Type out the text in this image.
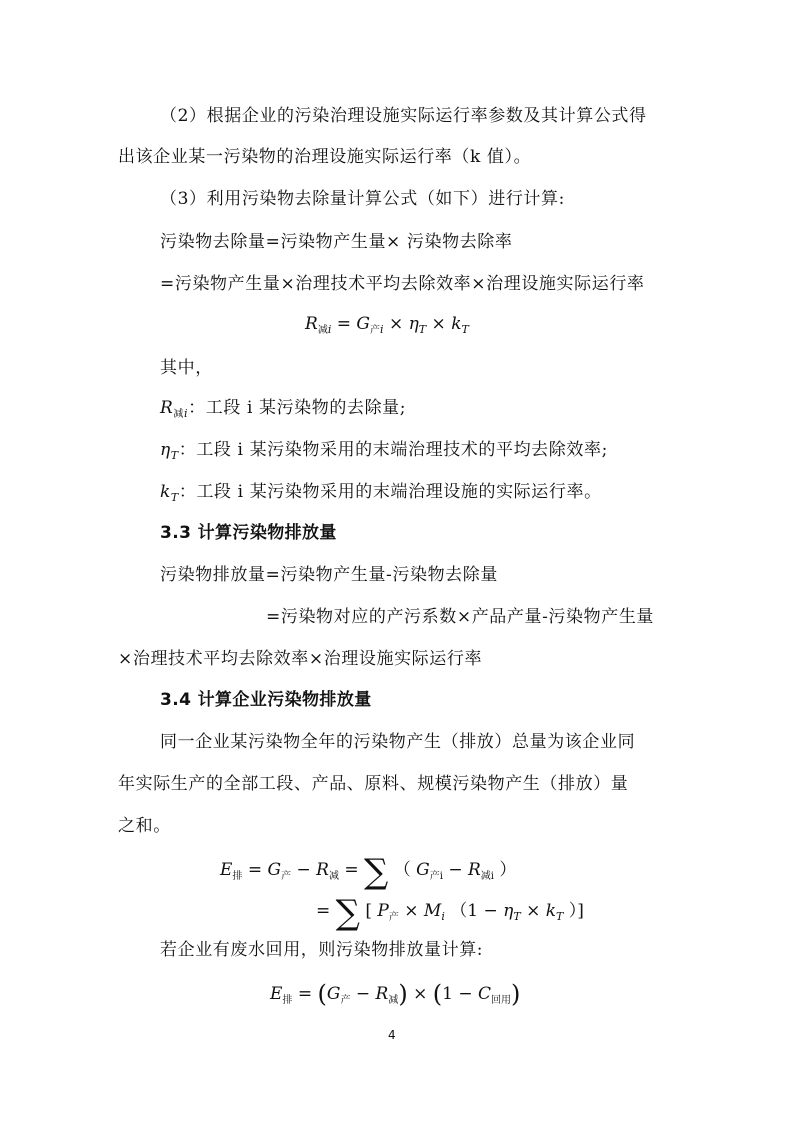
（2）根据企业的污染治理设施实际运行率参数及其计算公式得
出该企业某一污染物的治理设施实际运行率（k 值）。
（3）利用污染物去除量计算公式（如下）进行计算:
污染物去除量=污染物产生量× 污染物去除率
=污染物产生量×治理技术平均去除效率×治理设施实际运行率
$R_{减i} = G_{产i} \times \eta_T \times k_T$
其中，
$R_{减i}$：工段 i 某污染物的去除量;
$\eta_T$：工段 i 某污染物采用的末端治理技术的平均去除效率;
$k_T$：工段 i 某污染物采用的末端治理设施的实际运行率。
3.3 计算污染物排放量
污染物排放量=污染物产生量-污染物去除量
=污染物对应的产污系数×产品产量-污染物产生量
×治理技术平均去除效率×治理设施实际运行率
3.4 计算企业污染物排放量
同一企业某污染物全年的污染物产生（排放）总量为该企业同
年实际生产的全部工段、产品、原料、规模污染物产生（排放）量
之和。
$E_排 = G_产 - R_减$ = ∑ （ $G_{产i} - R_{减i}$ ）
= ∑ [ $P_产 \times M_i$ （$1 - \eta_T \times k_T$ ）]
若企业有废水回用，则污染物排放量计算:
$E_排 = (G_产 - R_减) \times (1 - C_{回用})$
4
